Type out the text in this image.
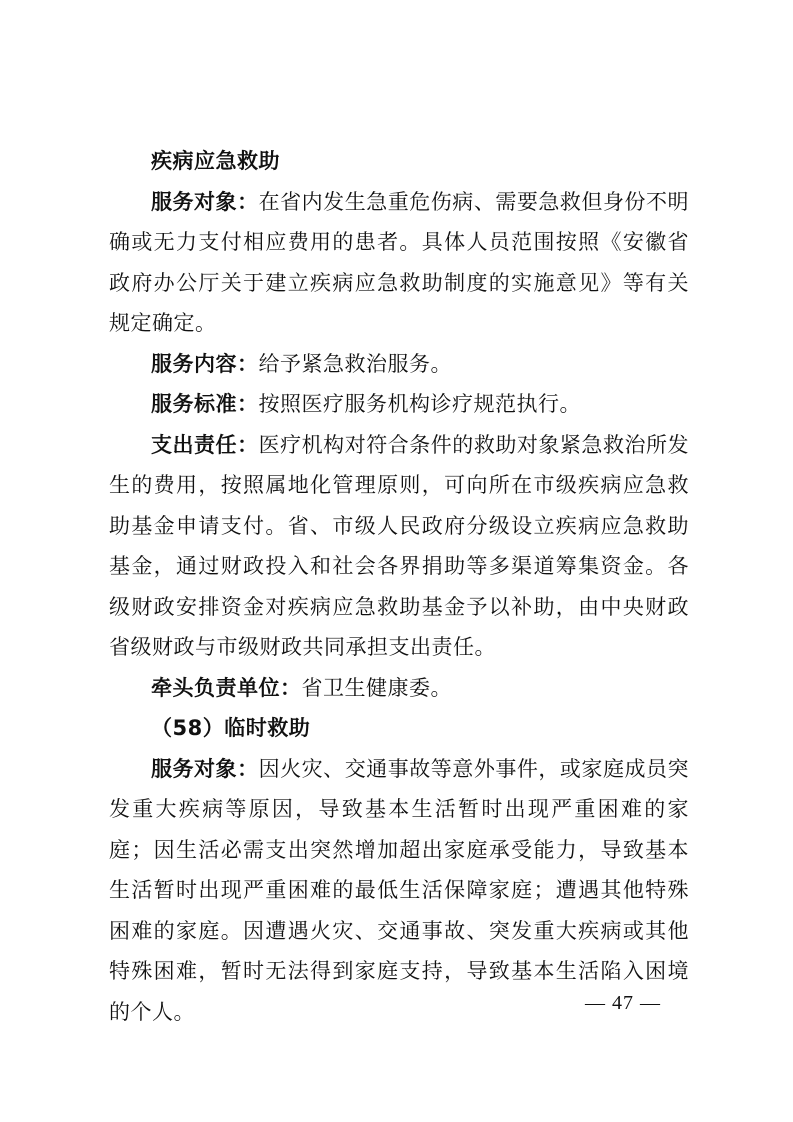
疾病应急救助

服务对象：在省内发生急重危伤病、需要急救但身份不明确或无力支付相应费用的患者。具体人员范围按照《安徽省政府办公厅关于建立疾病应急救助制度的实施意见》等有关规定确定。

服务内容：给予紧急救治服务。

服务标准：按照医疗服务机构诊疗规范执行。

支出责任：医疗机构对符合条件的救助对象紧急救治所发生的费用，按照属地化管理原则，可向所在市级疾病应急救助基金申请支付。省、市级人民政府分级设立疾病应急救助基金，通过财政投入和社会各界捐助等多渠道筹集资金。各级财政安排资金对疾病应急救助基金予以补助，由中央财政省级财政与市级财政共同承担支出责任。

牵头负责单位：省卫生健康委。

（58）临时救助

服务对象：因火灾、交通事故等意外事件，或家庭成员突发重大疾病等原因，导致基本生活暂时出现严重困难的家庭；因生活必需支出突然增加超出家庭承受能力，导致基本生活暂时出现严重困难的最低生活保障家庭；遭遇其他特殊困难的家庭。因遭遇火灾、交通事故、突发重大疾病或其他特殊困难，暂时无法得到家庭支持，导致基本生活陷入困境的个人。	— 47 —
